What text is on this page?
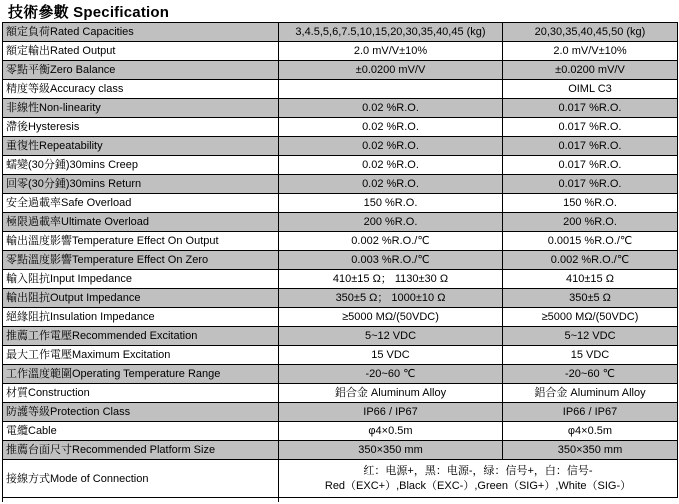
技術參數 Specification
額定負荷Rated Capacities	3,4.5,5,6,7.5,10,15,20,30,35,40,45 (kg)	20,30,35,40,45,50 (kg)
額定輸出Rated Output	2.0 mV/V±10%	2.0 mV/V±10%
零點平衡Zero Balance	±0.0200 mV/V	±0.0200 mV/V
精度等級Accuracy class		OIML C3
非線性Non-linearity	0.02 %R.O.	0.017 %R.O.
滯後Hysteresis	0.02 %R.O.	0.017 %R.O.
重復性Repeatability	0.02 %R.O.	0.017 %R.O.
蠕變(30分鍾)30mins Creep	0.02 %R.O.	0.017 %R.O.
回零(30分鍾)30mins Return	0.02 %R.O.	0.017 %R.O.
安全過載率Safe Overload	150 %R.O.	150 %R.O.
極限過載率Ultimate Overload	200 %R.O.	200 %R.O.
輸出溫度影響Temperature Effect On Output	0.002 %R.O./℃	0.0015 %R.O./℃
零點溫度影響Temperature Effect On Zero	0.003 %R.O./℃	0.002 %R.O./℃
輸入阻抗Input Impedance	410±15 Ω； 1130±30 Ω	410±15 Ω
輸出阻抗Output Impedance	350±5 Ω； 1000±10 Ω	350±5 Ω
絕緣阻抗Insulation Impedance	≥5000 MΩ/(50VDC)	≥5000 MΩ/(50VDC)
推薦工作電壓Recommended Excitation	5~12 VDC	5~12 VDC
最大工作電壓Maximum Excitation	15 VDC	15 VDC
工作溫度範圍Operating Temperature Range	-20~60 ℃	-20~60 ℃
材質Construction	鋁合金 Aluminum Alloy	鋁合金 Aluminum Alloy
防護等級Protection Class	IP66 / IP67	IP66 / IP67
電纜Cable	φ4×0.5m	φ4×0.5m
推薦台面尺寸Recommended Platform Size	350×350 mm	350×350 mm
接線方式Mode of Connection	红：电源+，黑：电源-，绿：信号+，白：信号-
Red（EXC+）,Black（EXC-）,Green（SIG+）,White（SIG-）	
